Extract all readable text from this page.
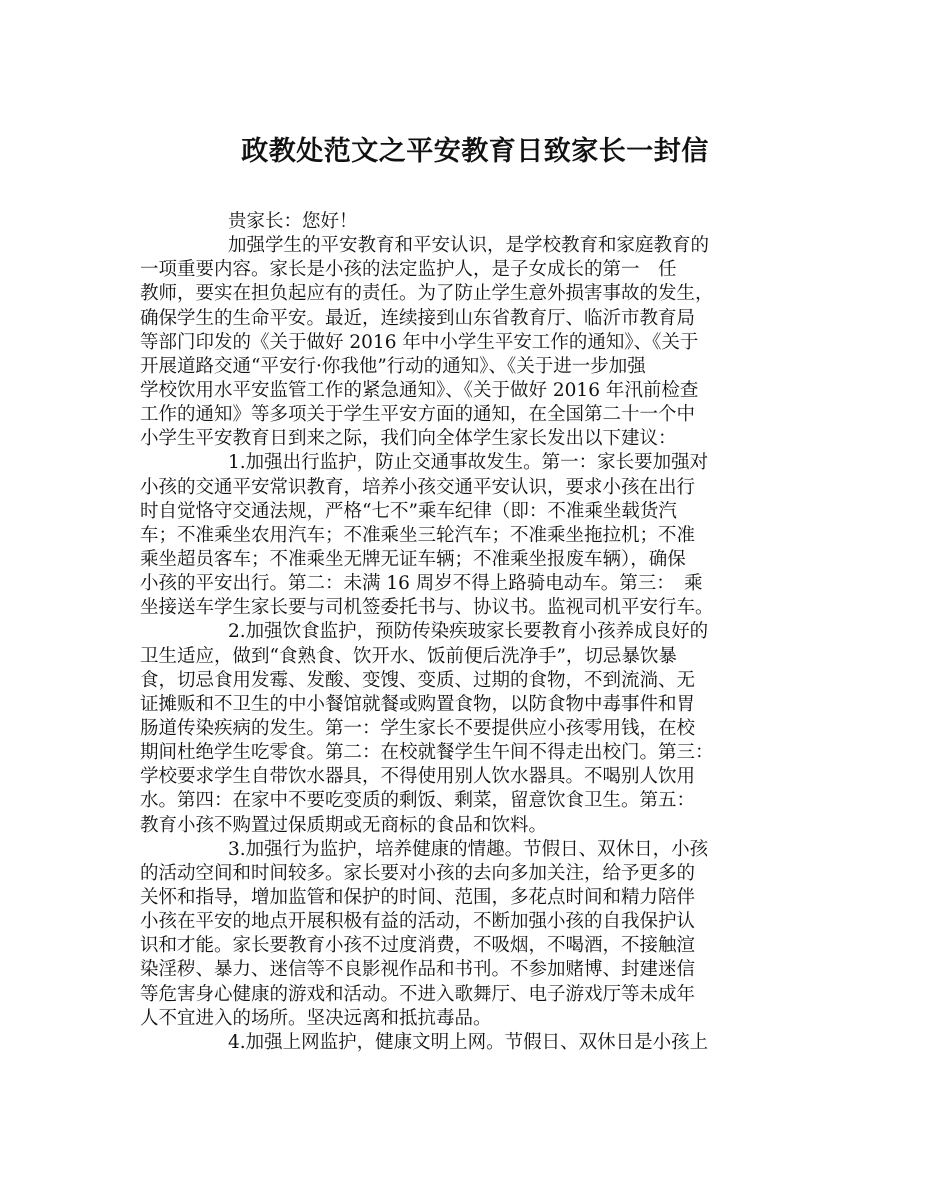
政教处范文之平安教育日致家长一封信
贵家长：您好！
加强学生的平安教育和平安认识，是学校教育和家庭教育的
一项重要内容。家长是小孩的法定监护人，是子女成长的第一　任
教师，要实在担负起应有的责任。为了防止学生意外损害事故的发生，
确保学生的生命平安。最近，连续接到山东省教育厅、临沂市教育局
等部门印发的《关于做好 2016 年中小学生平安工作的通知》、《关于
开展道路交通“平安行·你我他”行动的通知》、《关于进一步加强
学校饮用水平安监管工作的紧急通知》、《关于做好 2016 年汛前检查
工作的通知》等多项关于学生平安方面的通知，在全国第二十一个中
小学生平安教育日到来之际，我们向全体学生家长发出以下建议：
1.加强出行监护，防止交通事故发生。第一：家长要加强对
小孩的交通平安常识教育，培养小孩交通平安认识，要求小孩在出行
时自觉恪守交通法规，严格“七不”乘车纪律（即：不准乘坐载货汽
车；不准乘坐农用汽车；不准乘坐三轮汽车；不准乘坐拖拉机；不准
乘坐超员客车；不准乘坐无牌无证车辆；不准乘坐报废车辆），确保
小孩的平安出行。第二：未满 16 周岁不得上路骑电动车。第三：　乘
坐接送车学生家长要与司机签委托书与、协议书。监视司机平安行车。
2.加强饮食监护，预防传染疾玻家长要教育小孩养成良好的
卫生适应，做到“食熟食、饮开水、饭前便后洗净手”，切忌暴饮暴
食，切忌食用发霉、发酸、变馊、变质、过期的食物，不到流淌、无
证摊贩和不卫生的中小餐馆就餐或购置食物，以防食物中毒事件和胃
肠道传染疾病的发生。第一：学生家长不要提供应小孩零用钱，在校
期间杜绝学生吃零食。第二：在校就餐学生午间不得走出校门。第三：
学校要求学生自带饮水器具，不得使用别人饮水器具。不喝别人饮用
水。第四：在家中不要吃变质的剩饭、剩菜，留意饮食卫生。第五：
教育小孩不购置过保质期或无商标的食品和饮料。
3.加强行为监护，培养健康的情趣。节假日、双休日，小孩
的活动空间和时间较多。家长要对小孩的去向多加关注，给予更多的
关怀和指导，增加监管和保护的时间、范围，多花点时间和精力陪伴
小孩在平安的地点开展积极有益的活动，不断加强小孩的自我保护认
识和才能。家长要教育小孩不过度消费，不吸烟，不喝酒，不接触渲
染淫秽、暴力、迷信等不良影视作品和书刊。不参加赌博、封建迷信
等危害身心健康的游戏和活动。不进入歌舞厅、电子游戏厅等未成年
人不宜进入的场所。坚决远离和抵抗毒品。
4.加强上网监护，健康文明上网。节假日、双休日是小孩上
